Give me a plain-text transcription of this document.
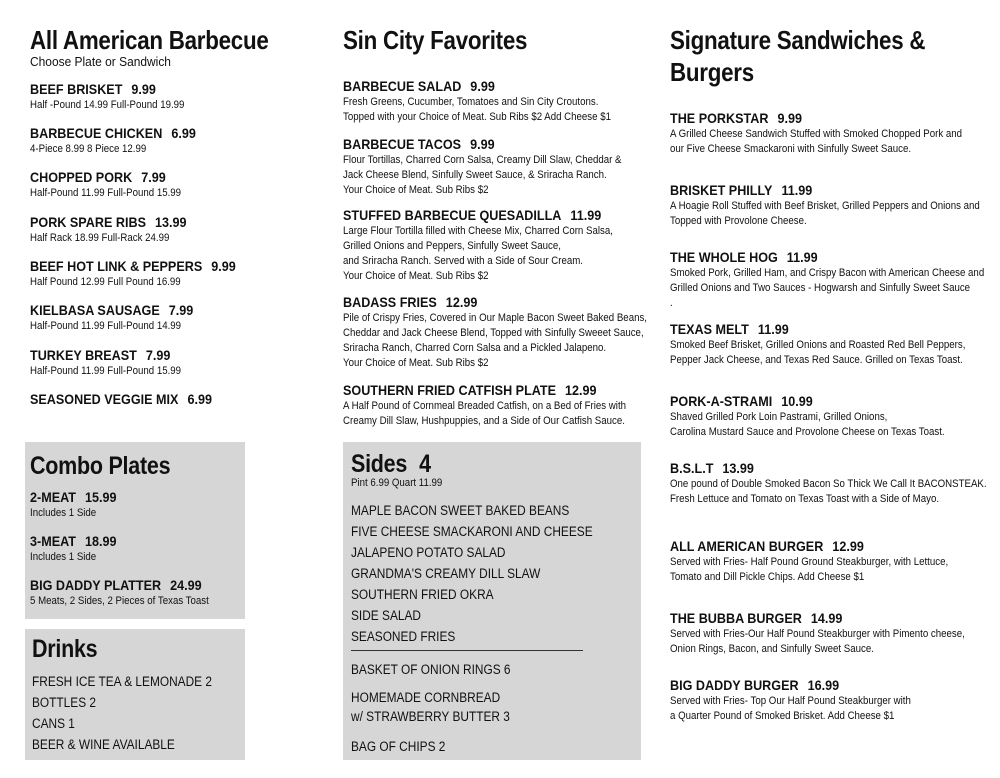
All American Barbecue
Choose Plate or Sandwich
BEEF BRISKET 9.99
Half -Pound 14.99 Full-Pound 19.99
BARBECUE CHICKEN 6.99
4-Piece 8.99 8 Piece 12.99
CHOPPED PORK 7.99
Half-Pound 11.99 Full-Pound 15.99
PORK SPARE RIBS 13.99
Half Rack 18.99 Full-Rack 24.99
BEEF HOT LINK & PEPPERS 9.99
Half Pound 12.99 Full Pound 16.99
KIELBASA SAUSAGE 7.99
Half-Pound 11.99 Full-Pound 14.99
TURKEY BREAST 7.99
Half-Pound 11.99 Full-Pound 15.99
SEASONED VEGGIE MIX 6.99
Combo Plates
2-MEAT 15.99
Includes 1 Side
3-MEAT 18.99
Includes 1 Side
BIG DADDY PLATTER 24.99
5 Meats, 2 Sides, 2 Pieces of Texas Toast
Drinks
FRESH ICE TEA & LEMONADE 2
BOTTLES 2
CANS 1
BEER & WINE AVAILABLE
Sin City Favorites
BARBECUE SALAD 9.99
Fresh Greens, Cucumber, Tomatoes and Sin City Croutons.
Topped with your Choice of Meat. Sub Ribs $2 Add Cheese $1
BARBECUE TACOS 9.99
Flour Tortillas, Charred Corn Salsa, Creamy Dill Slaw, Cheddar &
Jack Cheese Blend, Sinfully Sweet Sauce, & Sriracha Ranch.
Your Choice of Meat. Sub Ribs $2
STUFFED BARBECUE QUESADILLA 11.99
Large Flour Tortilla filled with Cheese Mix, Charred Corn Salsa,
Grilled Onions and Peppers, Sinfully Sweet Sauce,
and Sriracha Ranch. Served with a Side of Sour Cream.
Your Choice of Meat. Sub Ribs $2
BADASS FRIES 12.99
Pile of Crispy Fries, Covered in Our Maple Bacon Sweet Baked Beans,
Cheddar and Jack Cheese Blend, Topped with Sinfully Sweeet Sauce,
Sriracha Ranch, Charred Corn Salsa and a Pickled Jalapeno.
Your Choice of Meat. Sub Ribs $2
SOUTHERN FRIED CATFISH PLATE 12.99
A Half Pound of Cornmeal Breaded Catfish, on a Bed of Fries with
Creamy Dill Slaw, Hushpuppies, and a Side of Our Catfish Sauce.
Sides 4
Pint 6.99 Quart 11.99
MAPLE BACON SWEET BAKED BEANS
FIVE CHEESE SMACKARONI AND CHEESE
JALAPENO POTATO SALAD
GRANDMA'S CREAMY DILL SLAW
SOUTHERN FRIED OKRA
SIDE SALAD
SEASONED FRIES
BASKET OF ONION RINGS 6
HOMEMADE CORNBREAD
w/ STRAWBERRY BUTTER 3
BAG OF CHIPS 2
Signature Sandwiches &
Burgers
THE PORKSTAR 9.99
A Grilled Cheese Sandwich Stuffed with Smoked Chopped Pork and
our Five Cheese Smackaroni with Sinfully Sweet Sauce.
BRISKET PHILLY 11.99
A Hoagie Roll Stuffed with Beef Brisket, Grilled Peppers and Onions and
Topped with Provolone Cheese.
THE WHOLE HOG 11.99
Smoked Pork, Grilled Ham, and Crispy Bacon with American Cheese and
Grilled Onions and Two Sauces - Hogwarsh and Sinfully Sweet Sauce
.
TEXAS MELT 11.99
Smoked Beef Brisket, Grilled Onions and Roasted Red Bell Peppers,
Pepper Jack Cheese, and Texas Red Sauce. Grilled on Texas Toast.
PORK-A-STRAMI 10.99
Shaved Grilled Pork Loin Pastrami, Grilled Onions,
Carolina Mustard Sauce and Provolone Cheese on Texas Toast.
B.S.L.T 13.99
One pound of Double Smoked Bacon So Thick We Call It BACONSTEAK.
Fresh Lettuce and Tomato on Texas Toast with a Side of Mayo.
ALL AMERICAN BURGER 12.99
Served with Fries- Half Pound Ground Steakburger, with Lettuce,
Tomato and Dill Pickle Chips. Add Cheese $1
THE BUBBA BURGER 14.99
Served with Fries-Our Half Pound Steakburger with Pimento cheese,
Onion Rings, Bacon, and Sinfully Sweet Sauce.
BIG DADDY BURGER 16.99
Served with Fries- Top Our Half Pound Steakburger with
a Quarter Pound of Smoked Brisket. Add Cheese $1
